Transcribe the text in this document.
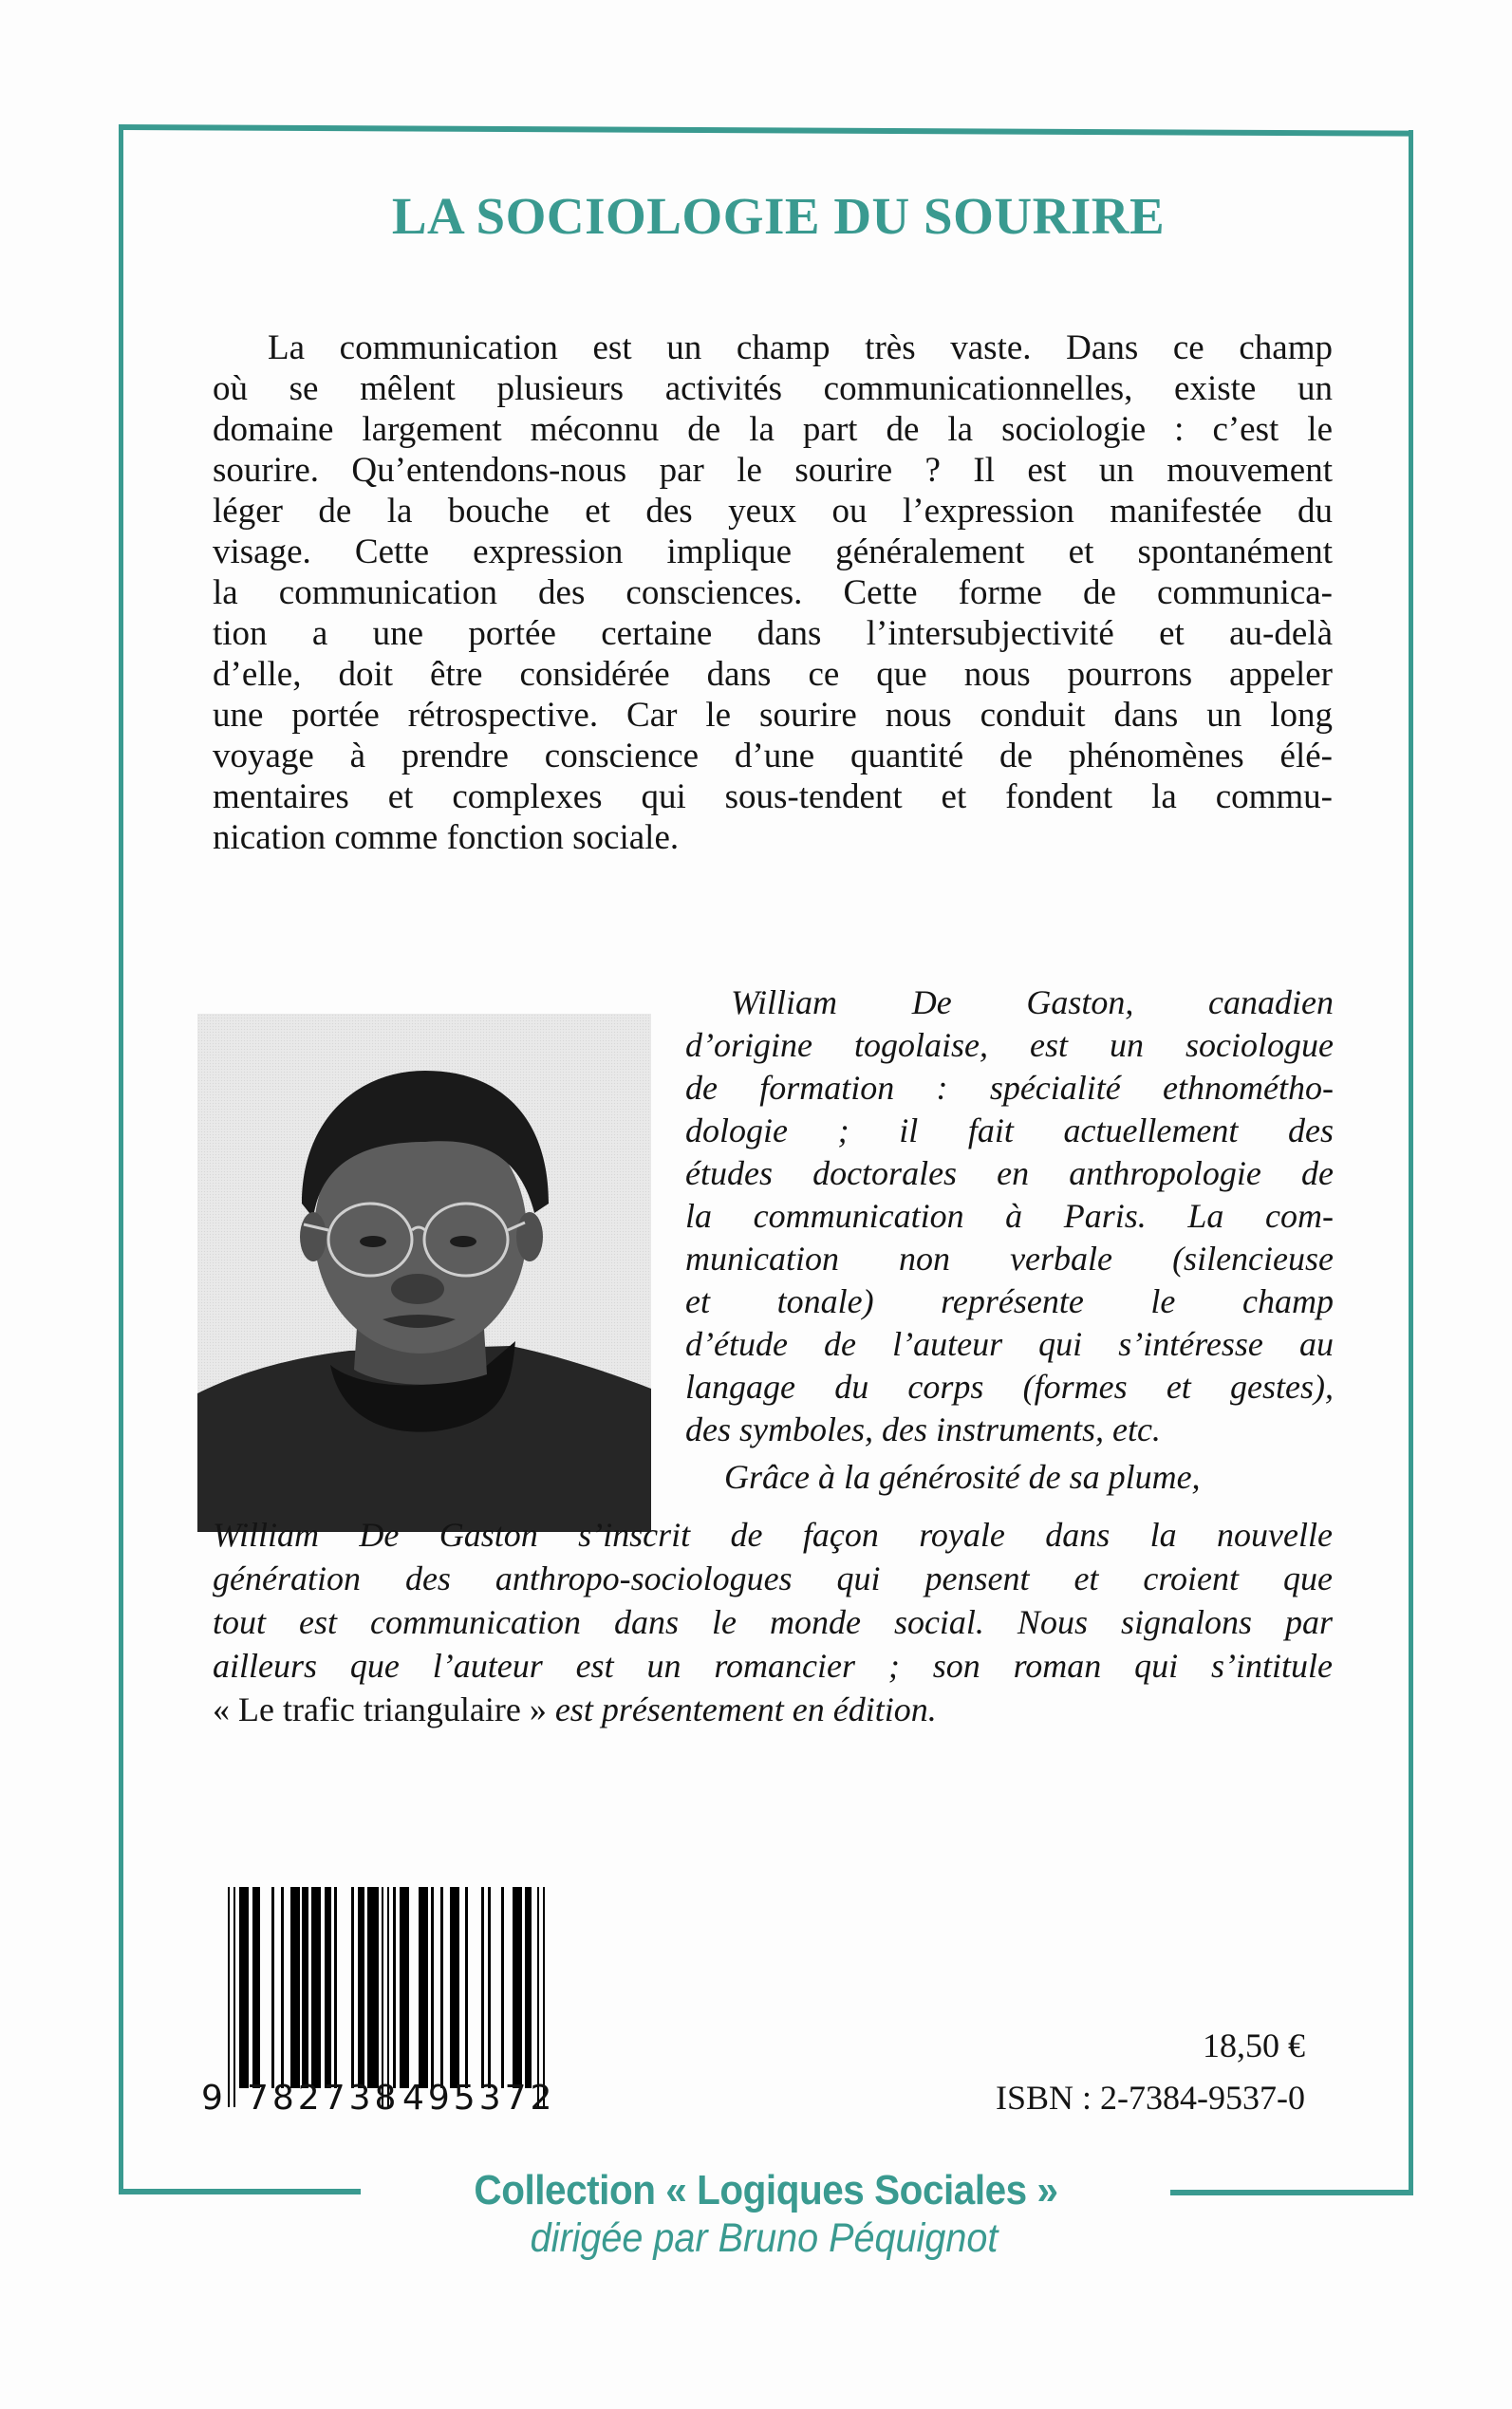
LA SOCIOLOGIE DU SOURIRE
La communication est un champ très vaste. Dans ce champ
où se mêlent plusieurs activités communicationnelles, existe un
domaine largement méconnu de la part de la sociologie : c’est le
sourire. Qu’entendons-nous par le sourire ? Il est un mouvement
léger de la bouche et des yeux ou l’expression manifestée du
visage. Cette expression implique généralement et spontanément
la communication des consciences. Cette forme de communica-
tion a une portée certaine dans l’intersubjectivité et au-delà
d’elle, doit être considérée dans ce que nous pourrons appeler
une portée rétrospective. Car le sourire nous conduit dans un long
voyage à prendre conscience d’une quantité de phénomènes élé-
mentaires et complexes qui sous-tendent et fondent la commu-
nication comme fonction sociale.
William De Gaston, canadien
d’origine togolaise, est un sociologue
de formation : spécialité ethnométho-
dologie ; il fait actuellement des
études doctorales en anthropologie de
la communication à Paris. La com-
munication non verbale (silencieuse
et tonale) représente le champ
d’étude de l’auteur qui s’intéresse au
langage du corps (formes et gestes),
des symboles, des instruments, etc.
Grâce à la générosité de sa plume,
William De Gaston s’inscrit de façon royale dans la nouvelle
génération des anthropo-sociologues qui pensent et croient que
tout est communication dans le monde social. Nous signalons par
ailleurs que l’auteur est un romancier ; son roman qui s’intitule
« Le trafic triangulaire » est présentement en édition.
9 782738 495372
18,50 €
ISBN : 2-7384-9537-0
Collection « Logiques Sociales »
dirigée par Bruno Péquignot
